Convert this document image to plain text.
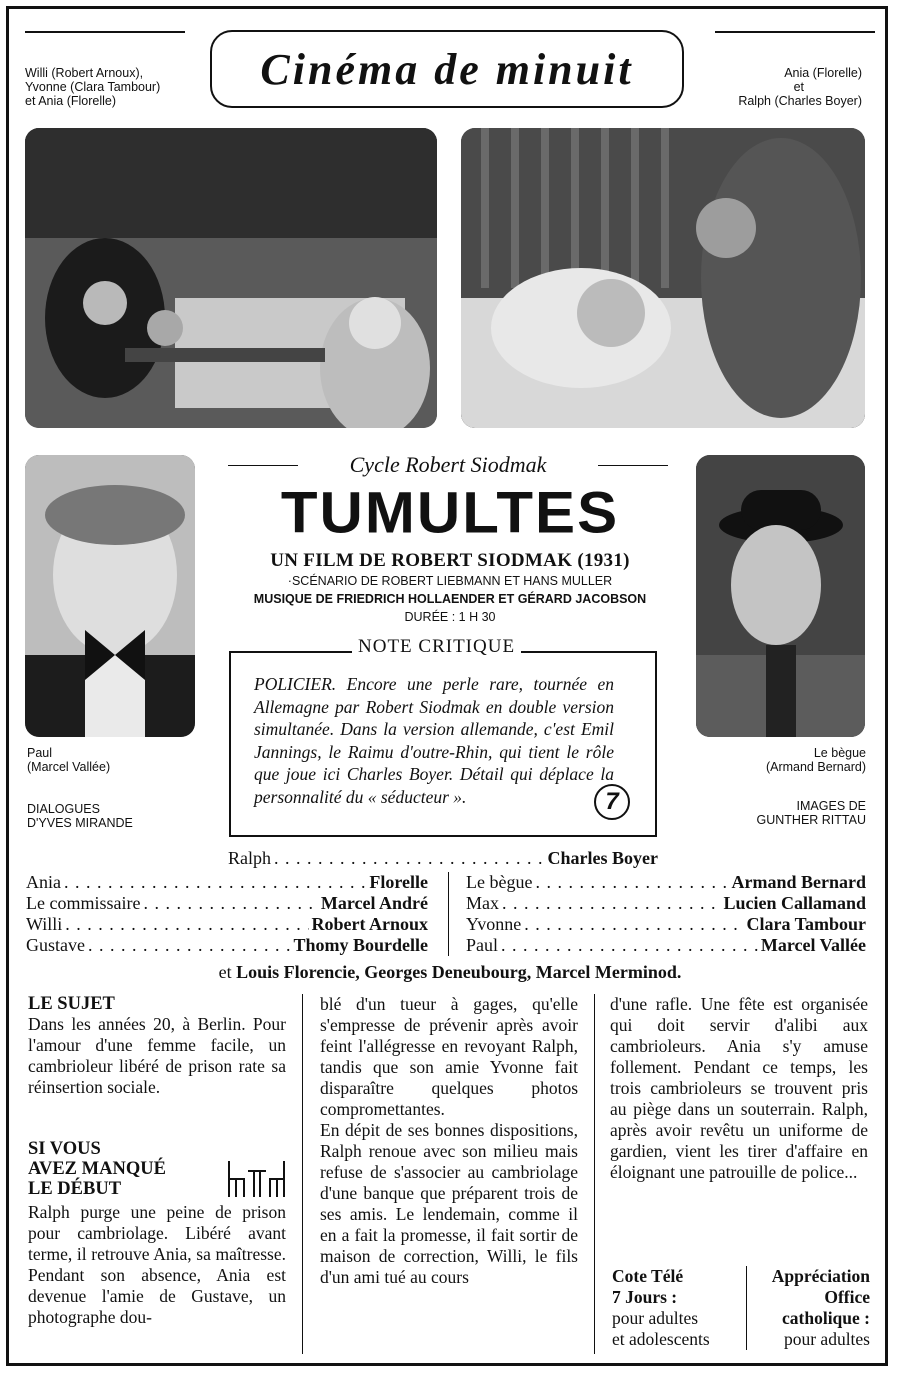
Cinéma de minuit
Willi (Robert Arnoux),
Yvonne (Clara Tambour)
et Ania (Florelle)
Ania (Florelle)
et
Ralph (Charles Boyer)
Paul
(Marcel Vallée)
Le bègue
(Armand Bernard)
DIALOGUES
D'YVES MIRANDE
IMAGES DE
GUNTHER RITTAU
Cycle Robert Siodmak
TUMULTES
UN FILM DE ROBERT SIODMAK (1931)
·SCÉNARIO DE ROBERT LIEBMANN ET HANS MULLER
MUSIQUE DE FRIEDRICH HOLLAENDER ET GÉRARD JACOBSON
DURÉE : 1 H 30
NOTE CRITIQUE
POLICIER. Encore une perle rare, tournée en Allemagne par Robert Siodmak en double version simultanée. Dans la version allemande, c'est Emil Jannings, le Raimu d'outre-Rhin, qui tient le rôle que joue ici Charles Boyer. Détail qui déplace la personnalité du « séducteur ».	7
Ralph . . .	Charles Boyer
Ania . . .	Florelle
Le commissaire . . .	Marcel André
Willi . . .	Robert Arnoux
Gustave . . .	Thomy Bourdelle
Le bègue . . .	Armand Bernard
Max . . .	Lucien Callamand
Yvonne . . .	Clara Tambour
Paul . . .	Marcel Vallée
et Louis Florencie, Georges Deneubourg, Marcel Merminod.
LE SUJET

Dans les années 20, à Berlin. Pour l'amour d'une femme facile, un cambrioleur libéré de prison rate sa réinsertion sociale.

SI VOUS
AVEZ MANQUÉ
LE DÉBUT

Ralph purge une peine de prison pour cambriolage. Libéré avant terme, il retrouve Ania, sa maîtresse. Pendant son absence, Ania est devenue l'amie de Gustave, un photographe dou-

blé d'un tueur à gages, qu'elle s'empresse de prévenir après avoir feint l'allégresse en revoyant Ralph, tandis que son amie Yvonne fait disparaître quelques photos compromettantes.

En dépit de ses bonnes dispositions, Ralph renoue avec son milieu mais refuse de s'associer au cambriolage d'une banque que préparent trois de ses amis. Le lendemain, comme il en a fait la promesse, il fait sortir de maison de correction, Willi, le fils d'un ami tué au cours

d'une rafle. Une fête est organisée qui doit servir d'alibi aux cambrioleurs. Ania s'y amuse follement. Pendant ce temps, les trois cambrioleurs se trouvent pris au piège dans un souterrain. Ralph, après avoir revêtu un uniforme de gardien, vient les tirer d'affaire en éloignant une patrouille de police...

Cote Télé
7 Jours :
pour adultes
et adolescents
Appréciation
Office
catholique :
pour adultes
